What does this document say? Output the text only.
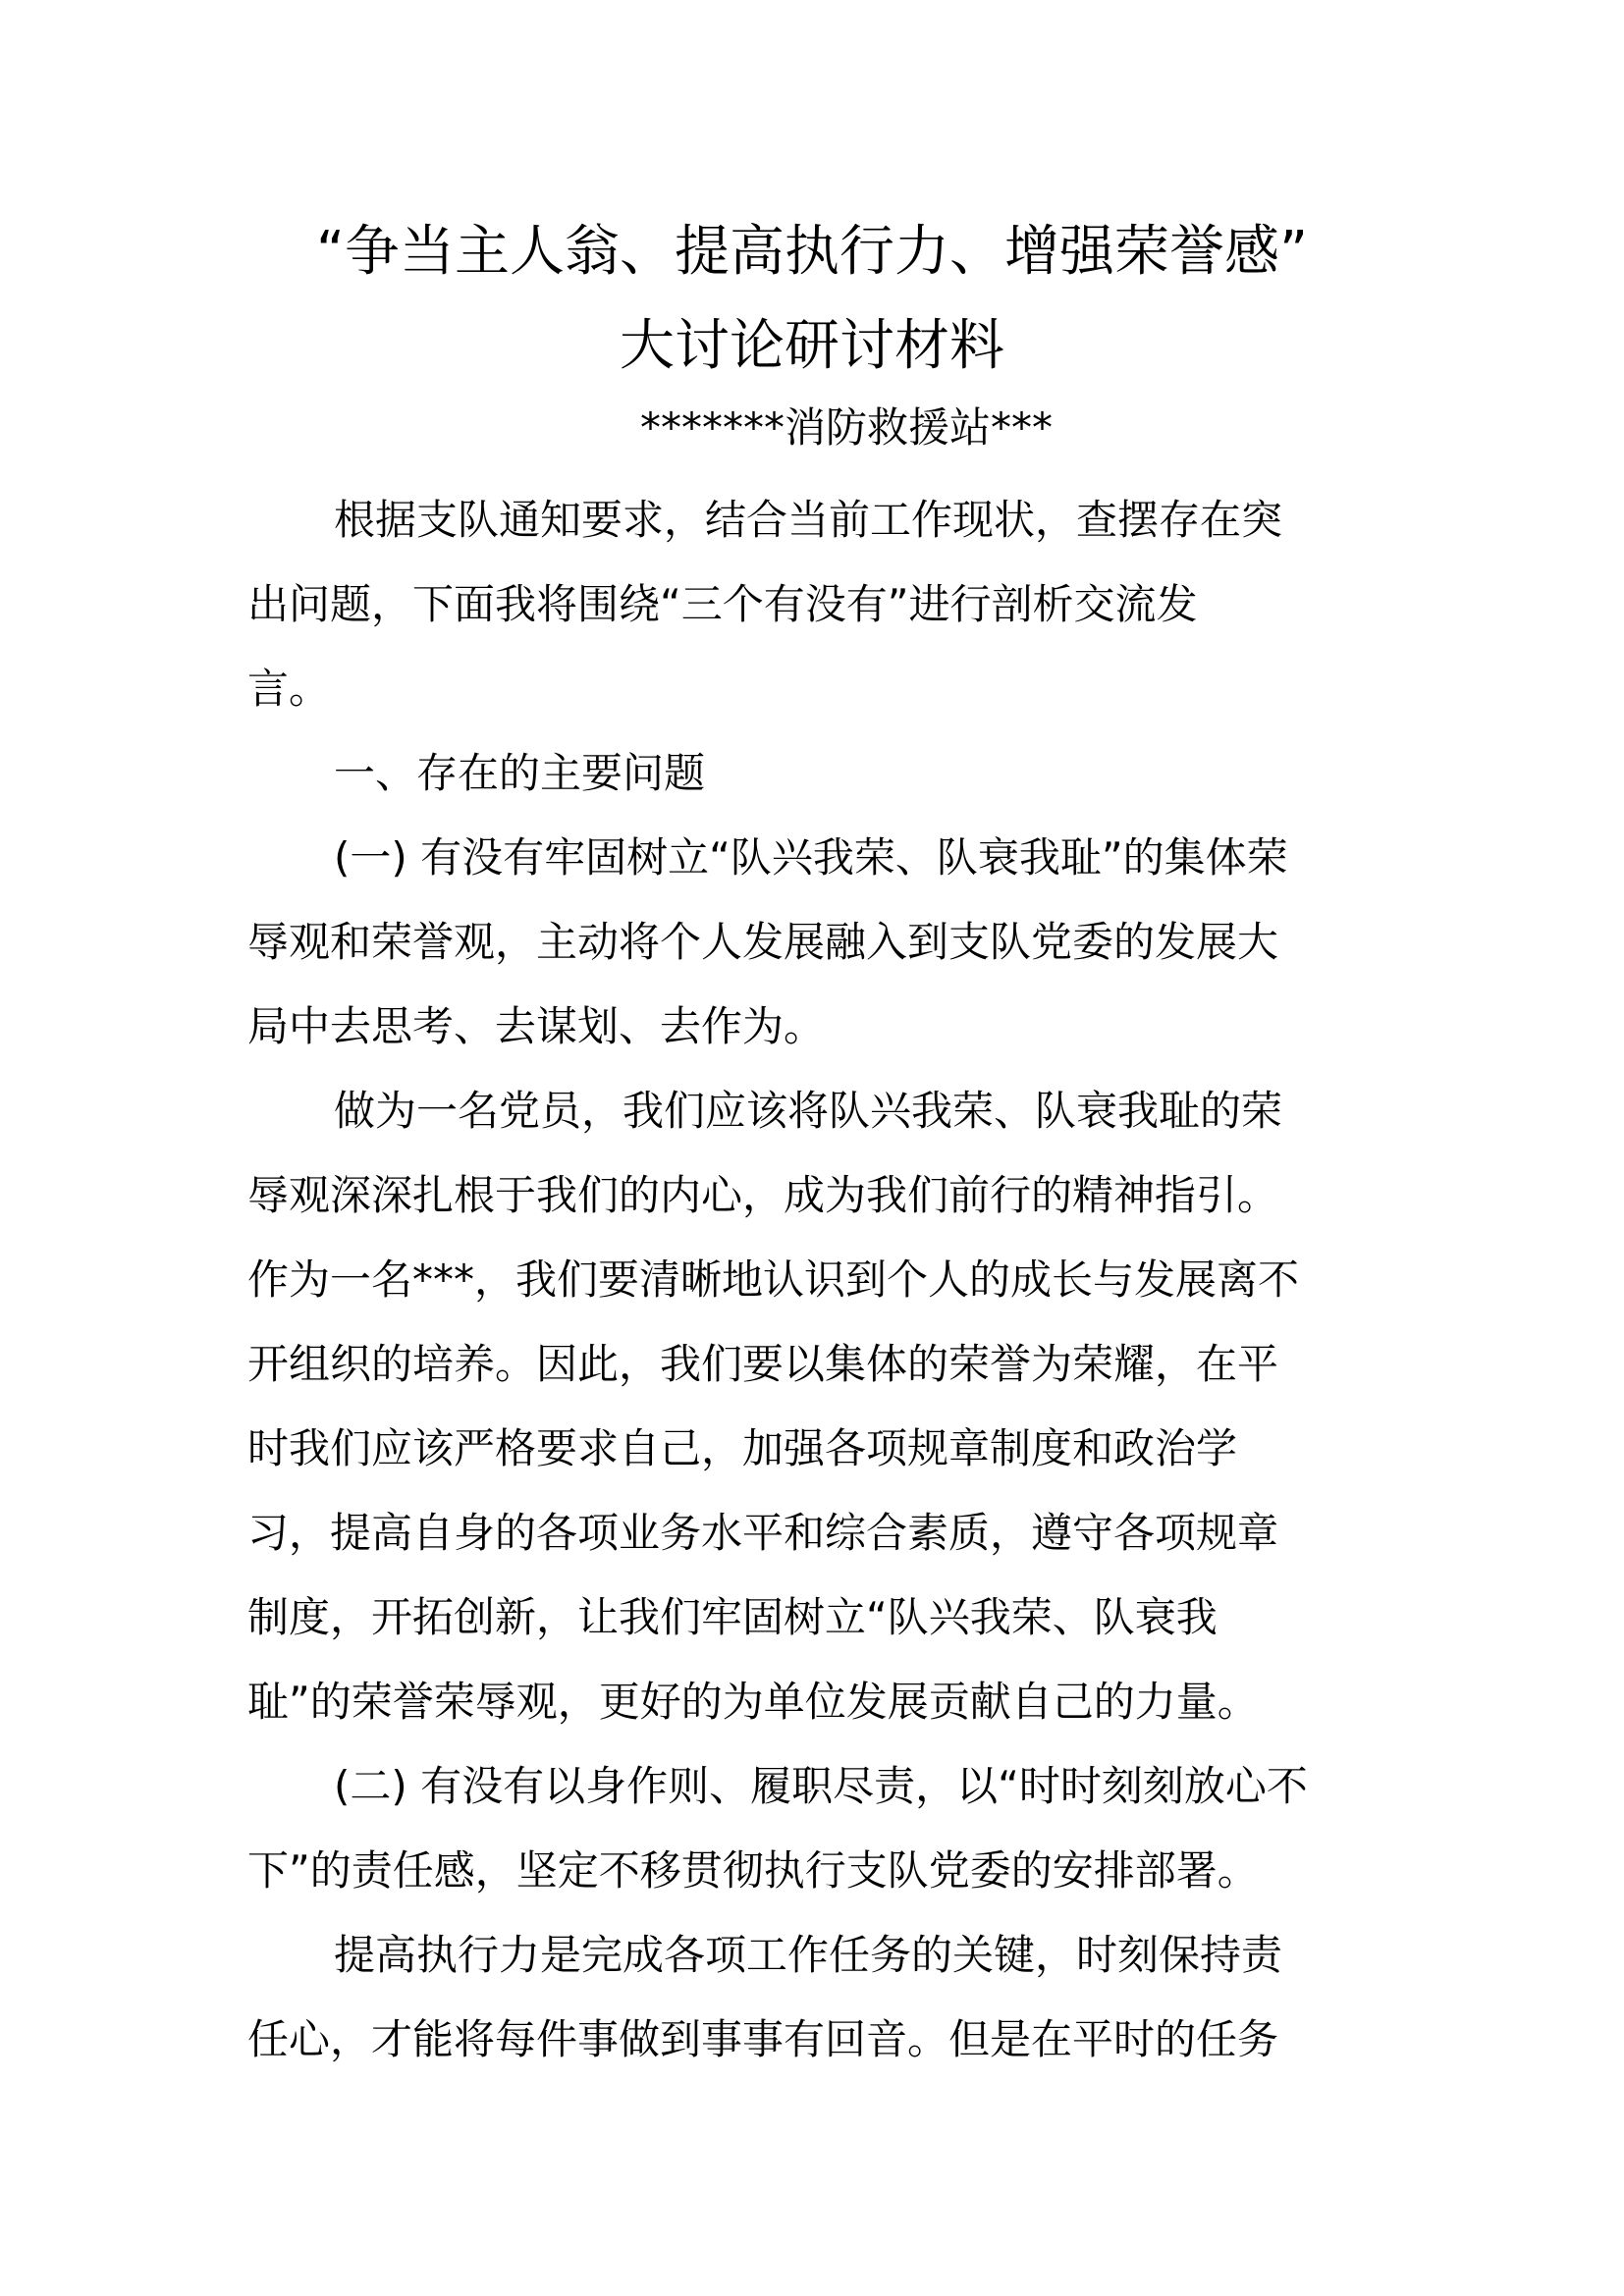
“争当主人翁、提高执行力、增强荣誉感”
大讨论研讨材料
*******消防救援站***
根据支队通知要求，结合当前工作现状，查摆存在突
出问题，下面我将围绕“三个有没有”进行剖析交流发
言。
一、存在的主要问题
(一) 有没有牢固树立“队兴我荣、队衰我耻”的集体荣
辱观和荣誉观，主动将个人发展融入到支队党委的发展大
局中去思考、去谋划、去作为。
做为一名党员，我们应该将队兴我荣、队衰我耻的荣
辱观深深扎根于我们的内心，成为我们前行的精神指引。
作为一名***，我们要清晰地认识到个人的成长与发展离不
开组织的培养。因此，我们要以集体的荣誉为荣耀，在平
时我们应该严格要求自己，加强各项规章制度和政治学
习，提高自身的各项业务水平和综合素质，遵守各项规章
制度，开拓创新，让我们牢固树立“队兴我荣、队衰我
耻”的荣誉荣辱观，更好的为单位发展贡献自己的力量。
(二) 有没有以身作则、履职尽责，以“时时刻刻放心不
下”的责任感，坚定不移贯彻执行支队党委的安排部署。
提高执行力是完成各项工作任务的关键，时刻保持责
任心，才能将每件事做到事事有回音。但是在平时的任务
